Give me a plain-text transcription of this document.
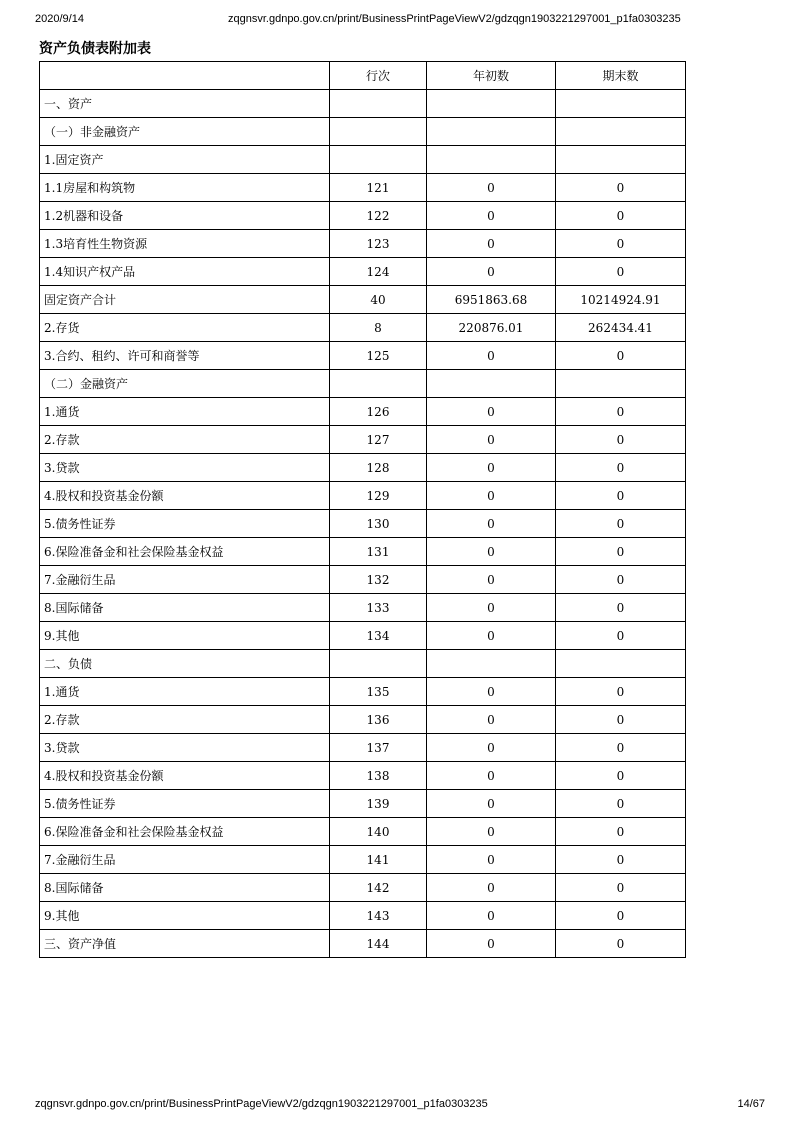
2020/9/14	zqgnsvr.gdnpo.gov.cn/print/BusinessPrintPageViewV2/gdzqgn1903221297001_p1fa0303235
资产负债表附加表
	行次	年初数	期末数
一、资产			
（一）非金融资产			
1.固定资产			
1.1房屋和构筑物	121	0	0
1.2机器和设备	122	0	0
1.3培育性生物资源	123	0	0
1.4知识产权产品	124	0	0
固定资产合计	40	6951863.68	10214924.91
2.存货	8	220876.01	262434.41
3.合约、租约、许可和商誉等	125	0	0
（二）金融资产			
1.通货	126	0	0
2.存款	127	0	0
3.贷款	128	0	0
4.股权和投资基金份额	129	0	0
5.债务性证券	130	0	0
6.保险准备金和社会保险基金权益	131	0	0
7.金融衍生品	132	0	0
8.国际储备	133	0	0
9.其他	134	0	0
二、负债			
1.通货	135	0	0
2.存款	136	0	0
3.贷款	137	0	0
4.股权和投资基金份额	138	0	0
5.债务性证券	139	0	0
6.保险准备金和社会保险基金权益	140	0	0
7.金融衍生品	141	0	0
8.国际储备	142	0	0
9.其他	143	0	0
三、资产净值	144	0	0
zqgnsvr.gdnpo.gov.cn/print/BusinessPrintPageViewV2/gdzqgn1903221297001_p1fa0303235	14/67
